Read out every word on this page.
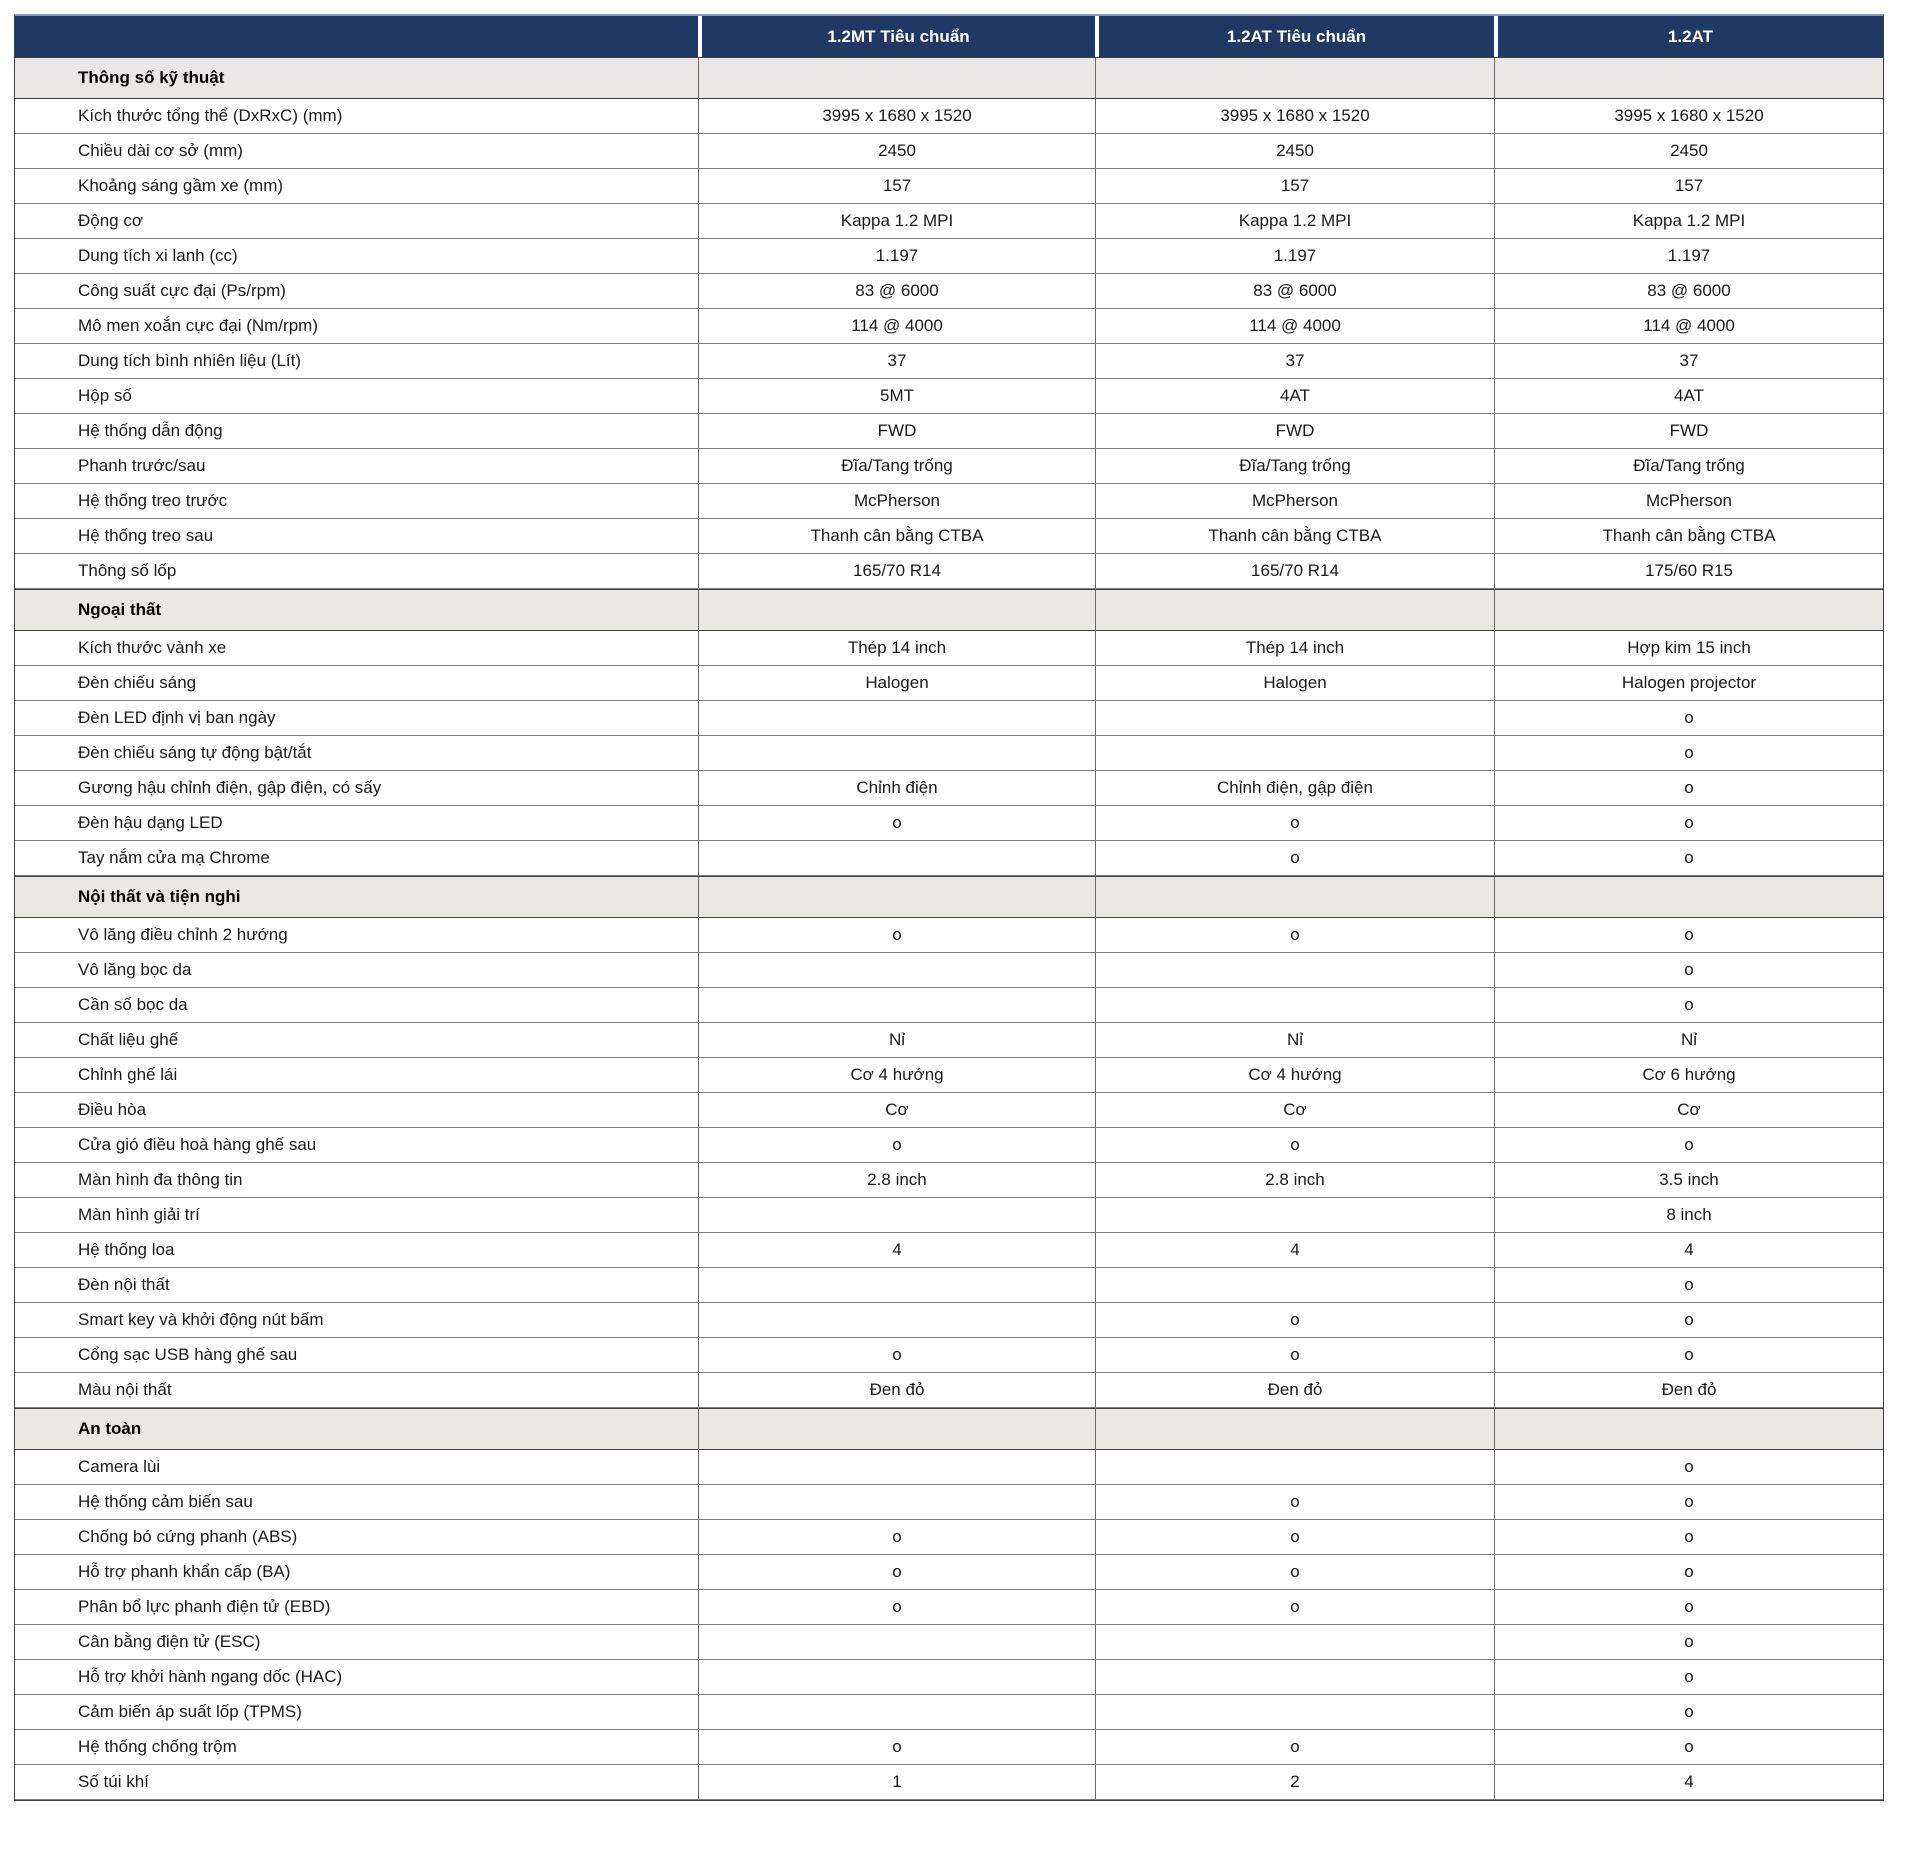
	1.2MT Tiêu chuẩn	1.2AT Tiêu chuẩn	1.2AT
Thông số kỹ thuật			
Kích thước tổng thể (DxRxC) (mm)	3995 x 1680 x 1520	3995 x 1680 x 1520	3995 x 1680 x 1520
Chiều dài cơ sở (mm)	2450	2450	2450
Khoảng sáng gầm xe (mm)	157	157	157
Động cơ	Kappa 1.2 MPI	Kappa 1.2 MPI	Kappa 1.2 MPI
Dung tích xi lanh (cc)	1.197	1.197	1.197
Công suất cực đại (Ps/rpm)	83 @ 6000	83 @ 6000	83 @ 6000
Mô men xoắn cực đại (Nm/rpm)	114 @ 4000	114 @ 4000	114 @ 4000
Dung tích bình nhiên liệu (Lít)	37	37	37
Hộp số	5MT	4AT	4AT
Hệ thống dẫn động	FWD	FWD	FWD
Phanh trước/sau	Đĩa/Tang trống	Đĩa/Tang trống	Đĩa/Tang trống
Hệ thống treo trước	McPherson	McPherson	McPherson
Hệ thống treo sau	Thanh cân bằng CTBA	Thanh cân bằng CTBA	Thanh cân bằng CTBA
Thông số lốp	165/70 R14	165/70 R14	175/60 R15
Ngoại thất			
Kích thước vành xe	Thép 14 inch	Thép 14 inch	Hợp kim 15 inch
Đèn chiếu sáng	Halogen	Halogen	Halogen projector
Đèn LED định vị ban ngày			o
Đèn chiếu sáng tự động bật/tắt			o
Gương hậu chỉnh điện, gập điện, có sấy	Chỉnh điện	Chỉnh điện, gập điện	o
Đèn hậu dạng LED	o	o	o
Tay nắm cửa mạ Chrome		o	o
Nội thất và tiện nghi			
Vô lăng điều chỉnh 2 hướng	o	o	o
Vô lăng bọc da			o
Cần số bọc da			o
Chất liệu ghế	Nỉ	Nỉ	Nỉ
Chỉnh ghế lái	Cơ 4 hướng	Cơ 4 hướng	Cơ 6 hướng
Điều hòa	Cơ	Cơ	Cơ
Cửa gió điều hoà hàng ghế sau	o	o	o
Màn hình đa thông tin	2.8 inch	2.8 inch	3.5 inch
Màn hình giải trí			8 inch
Hệ thống loa	4	4	4
Đèn nội thất			o
Smart key và khởi động nút bấm		o	o
Cổng sạc USB hàng ghế sau	o	o	o
Màu nội thất	Đen đỏ	Đen đỏ	Đen đỏ
An toàn			
Camera lùi			o
Hệ thống cảm biến sau		o	o
Chống bó cứng phanh (ABS)	o	o	o
Hỗ trợ phanh khẩn cấp (BA)	o	o	o
Phân bổ lực phanh điện tử (EBD)	o	o	o
Cân bằng điện tử (ESC)			o
Hỗ trợ khởi hành ngang dốc (HAC)			o
Cảm biến áp suất lốp (TPMS)			o
Hệ thống chống trộm	o	o	o
Số túi khí	1	2	4
